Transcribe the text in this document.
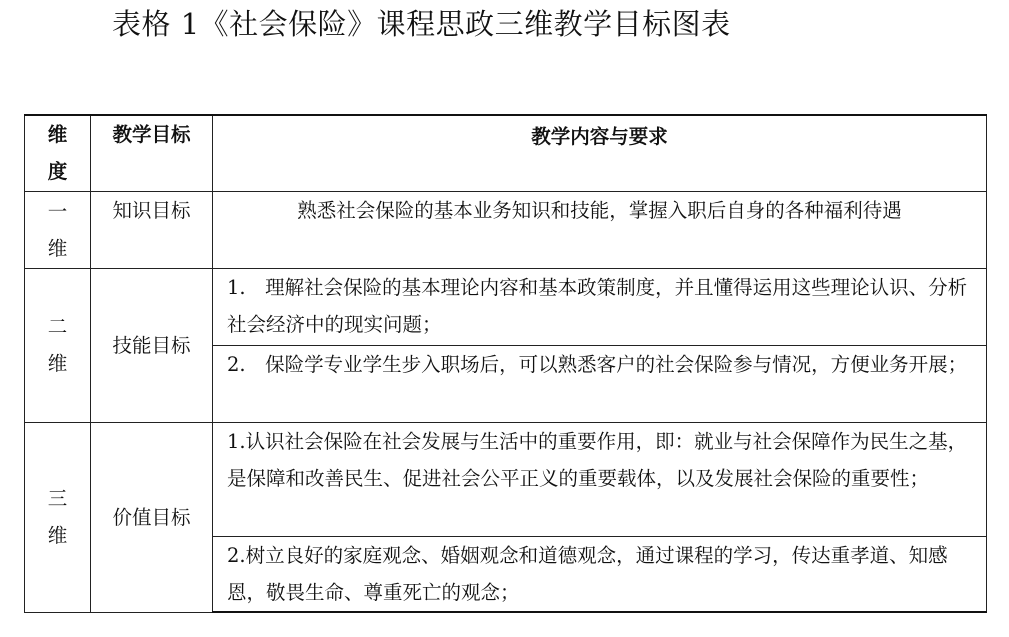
表格 1《社会保险》课程思政三维教学目标图表
维度	教学目标	教学内容与要求

一维	知识目标	熟悉社会保险的基本业务知识和技能，掌握入职后自身的各种福利待遇

二维	技能目标	1.　理解社会保险的基本理论内容和基本政策制度，并且懂得运用这些理论认识、分析社会经济中的现实问题；
		2.　保险学专业学生步入职场后，可以熟悉客户的社会保险参与情况，方便业务开展；

三维	价值目标	1.认识社会保险在社会发展与生活中的重要作用，即：就业与社会保障作为民生之基，是保障和改善民生、促进社会公平正义的重要载体，以及发展社会保险的重要性；
		2.树立良好的家庭观念、婚姻观念和道德观念，通过课程的学习，传达重孝道、知感恩，敬畏生命、尊重死亡的观念；
